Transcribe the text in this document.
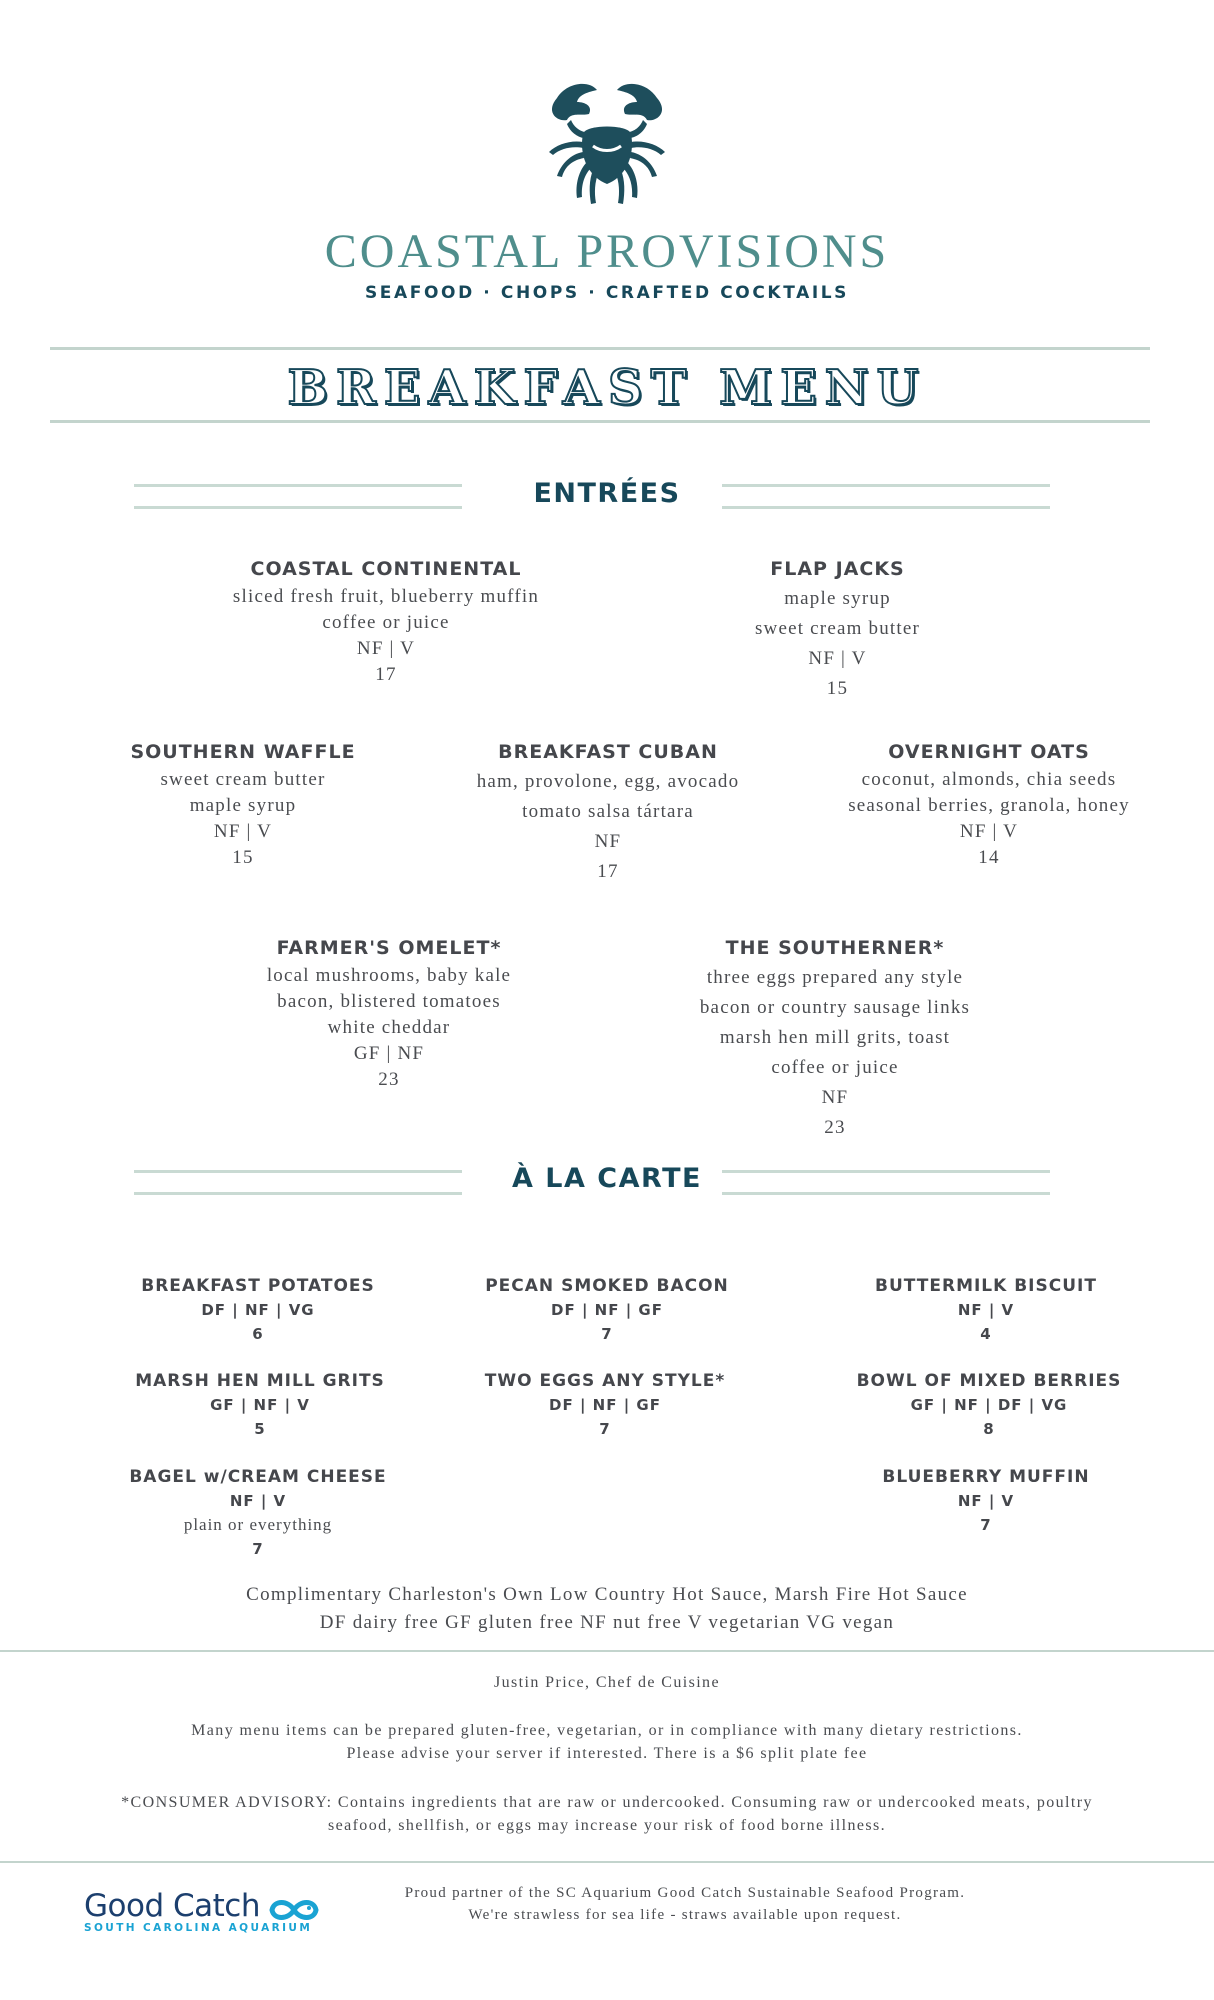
COASTAL PROVISIONS
SEAFOOD · CHOPS · CRAFTED COCKTAILS
BREAKFAST MENU
ENTRÉES
COASTAL CONTINENTAL
sliced fresh fruit, blueberry muffin
coffee or juice
NF | V
17
FLAP JACKS
maple syrup
sweet cream butter
NF | V
15
SOUTHERN WAFFLE
sweet cream butter
maple syrup
NF | V
15
BREAKFAST CUBAN
ham, provolone, egg, avocado
tomato salsa tártara
NF
17
OVERNIGHT OATS
coconut, almonds, chia seeds
seasonal berries, granola, honey
NF | V
14
FARMER'S OMELET*
local mushrooms, baby kale
bacon, blistered tomatoes
white cheddar
GF | NF
23
THE SOUTHERNER*
three eggs prepared any style
bacon or country sausage links
marsh hen mill grits, toast
coffee or juice
NF
23
À LA CARTE
BREAKFAST POTATOES
DF | NF | VG
6
PECAN SMOKED BACON
DF | NF | GF
7
BUTTERMILK BISCUIT
NF | V
4
MARSH HEN MILL GRITS
GF | NF | V
5
TWO EGGS ANY STYLE*
DF | NF | GF
7
BOWL OF MIXED BERRIES
GF | NF | DF | VG
8
BAGEL w/CREAM CHEESE
NF | V
plain or everything
7
BLUEBERRY MUFFIN
NF | V
7
Complimentary Charleston's Own Low Country Hot Sauce, Marsh Fire Hot Sauce
DF dairy free GF gluten free NF nut free V vegetarian VG vegan
Justin Price, Chef de Cuisine
Many menu items can be prepared gluten-free, vegetarian, or in compliance with many dietary restrictions.
Please advise your server if interested. There is a $6 split plate fee
*CONSUMER ADVISORY: Contains ingredients that are raw or undercooked. Consuming raw or undercooked meats, poultry
seafood, shellfish, or eggs may increase your risk of food borne illness.
Good Catch
SOUTH CAROLINA AQUARIUM
Proud partner of the SC Aquarium Good Catch Sustainable Seafood Program.
We're strawless for sea life - straws available upon request.
